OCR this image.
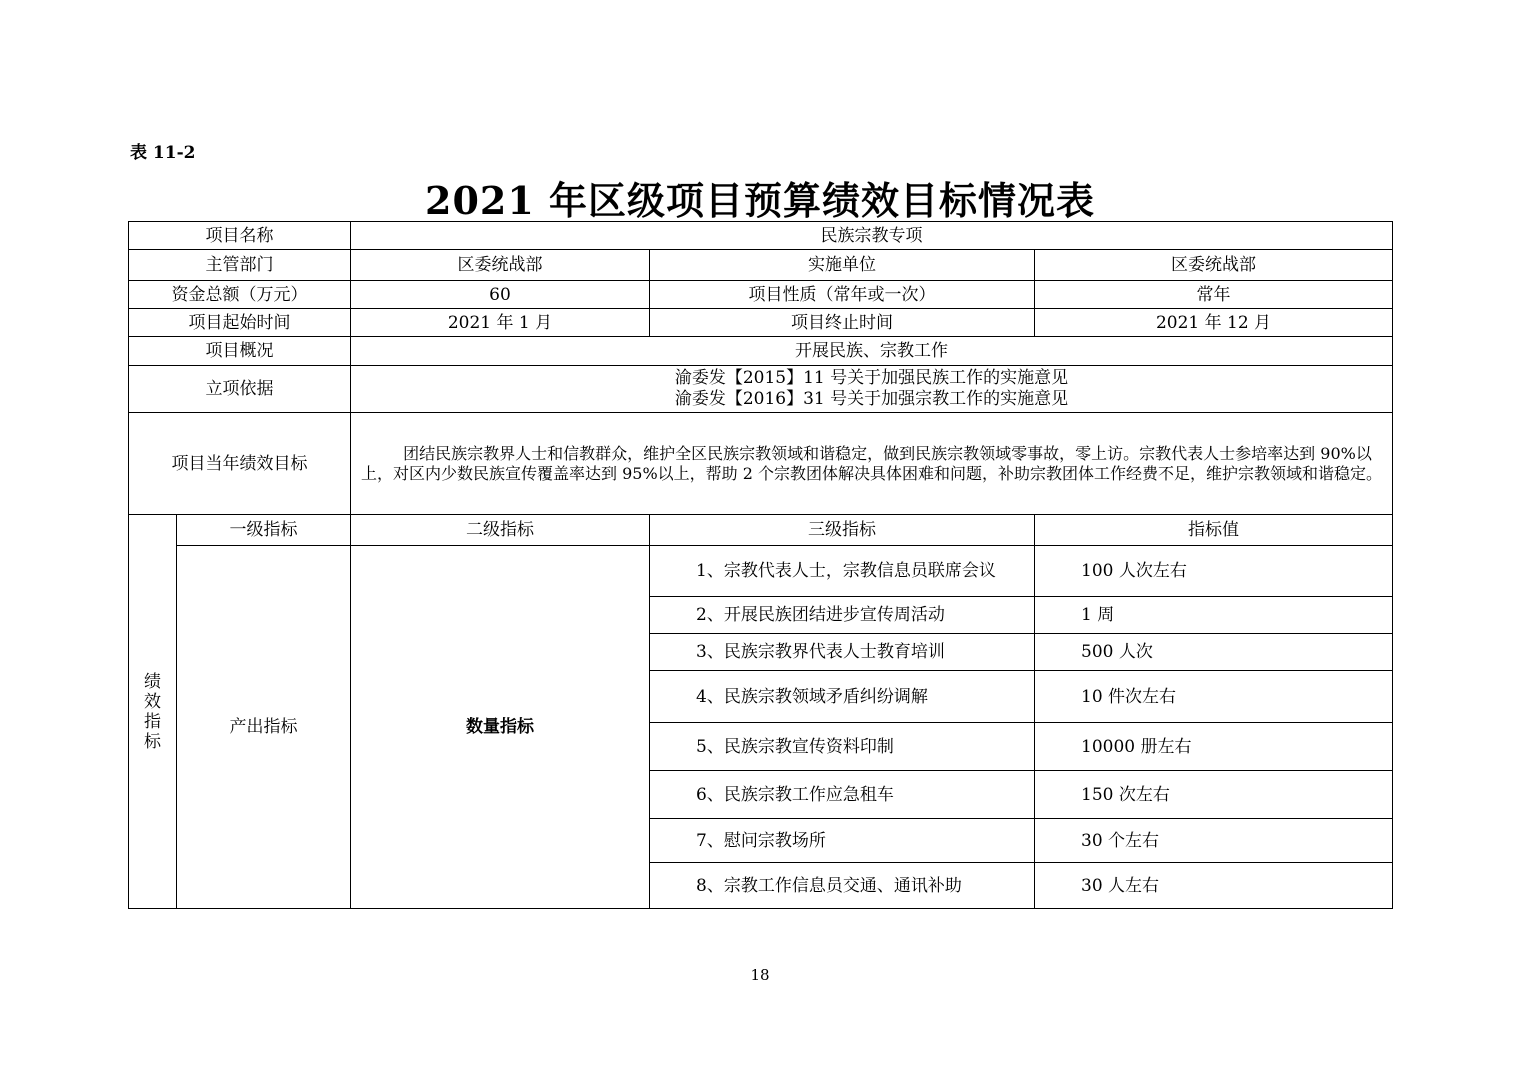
表 11-2
2021 年区级项目预算绩效目标情况表
项目名称		民族宗教专项		
主管部门		区委统战部	实施单位	区委统战部
资金总额（万元）		60	项目性质（常年或一次）	常年
项目起始时间		2021 年 1 月	项目终止时间	2021 年 12 月
项目概况		开展民族、宗教工作		
立项依据		渝委发【2015】11 号关于加强民族工作的实施意见
渝委发【2016】31 号关于加强宗教工作的实施意见		

项目当年绩效目标		团结民族宗教界人士和信教群众，维护全区民族宗教领域和谐稳定，做到民族宗教领域零事故，零上访。宗教代表人士参培率达到 90%以上，对区内少数民族宣传覆盖率达到 95%以上，帮助 2 个宗教团体解决具体困难和问题，补助宗教团体工作经费不足，维护宗教领域和谐稳定。		

绩
效
指
标	一级指标	二级指标	三级指标	指标值
	产出指标	数量指标	1、宗教代表人士，宗教信息员联席会议	100 人次左右
			2、开展民族团结进步宣传周活动	1 周
			3、民族宗教界代表人士教育培训	500 人次
			4、民族宗教领域矛盾纠纷调解	10 件次左右
			5、民族宗教宣传资料印制	10000 册左右
			6、民族宗教工作应急租车	150 次左右
			7、慰问宗教场所	30 个左右
			8、宗教工作信息员交通、通讯补助	30 人左右
18
